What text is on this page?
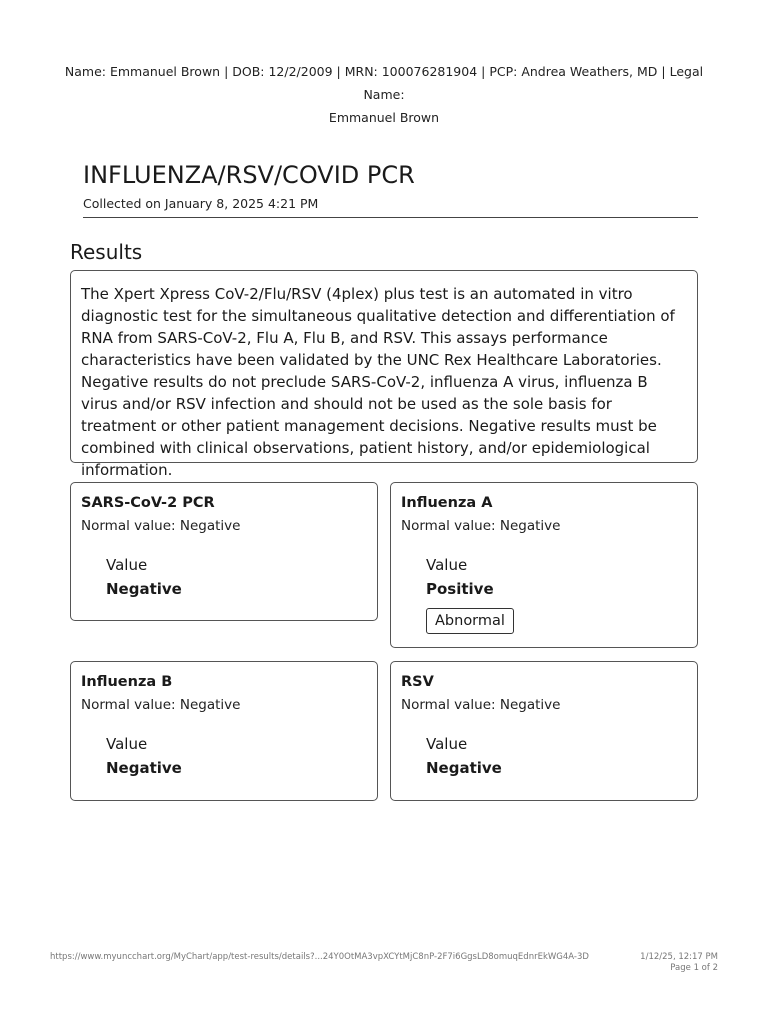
Name: Emmanuel Brown | DOB: 12/2/2009 | MRN: 100076281904 | PCP: Andrea Weathers, MD | Legal Name:
Emmanuel Brown
INFLUENZA/RSV/COVID PCR
Collected on January 8, 2025 4:21 PM
Results

The Xpert Xpress CoV-2/Flu/RSV (4plex) plus test is an automated in vitro diagnostic test for the simultaneous qualitative detection and differentiation of RNA from SARS-CoV-2, Flu A, Flu B, and RSV. This assays performance characteristics have been validated by the UNC Rex Healthcare Laboratories.

Negative results do not preclude SARS-CoV-2, influenza A virus, influenza B virus and/or RSV infection and should not be used as the sole basis for treatment or other patient management decisions. Negative results must be combined with clinical observations, patient history, and/or epidemiological information.

SARS-CoV-2 PCR
Normal value: Negative
Value
Negative
Influenza A
Normal value: Negative
Value
Positive
Abnormal
Influenza B
Normal value: Negative
Value
Negative
RSV
Normal value: Negative
Value
Negative
https://www.myuncchart.org/MyChart/app/test-results/details?...24Y0OtMA3vpXCYtMjC8nP-2F7i6GgsLD8omuqEdnrEkWG4A-3D	1/12/25, 12:17 PM
Page 1 of 2
